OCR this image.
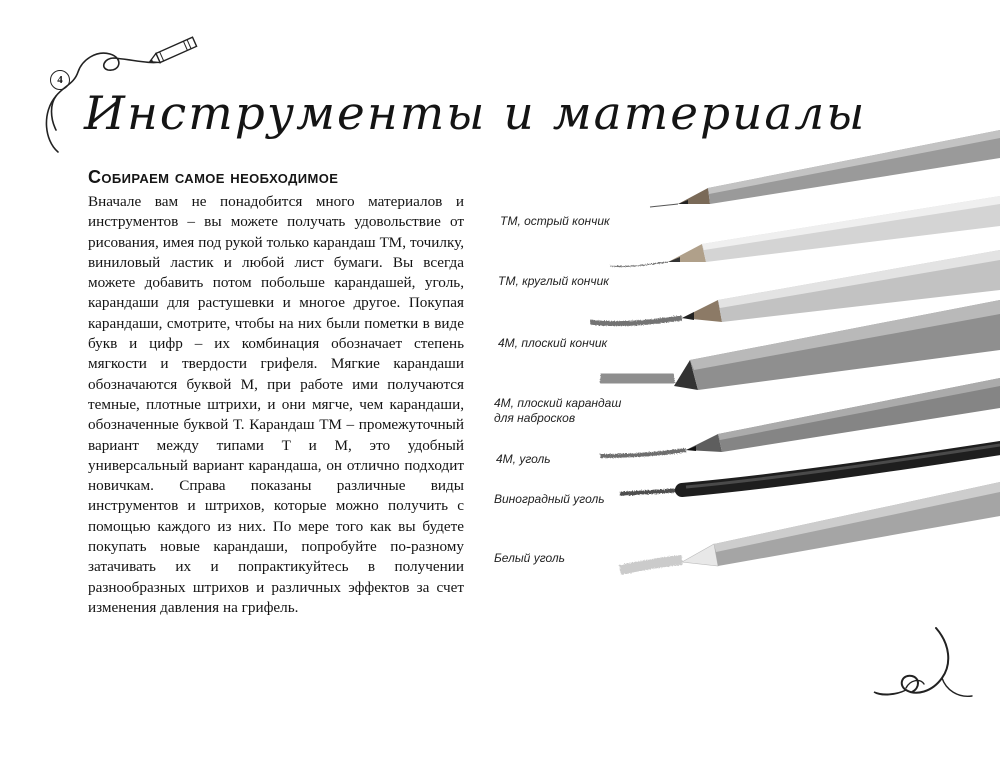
4
Инструменты и материалы
Собираем самое необходимое

Вначале вам не понадобится много материалов и инструментов – вы можете получать удовольствие от рисования, имея под рукой только карандаш ТМ, точилку, виниловый ластик и любой лист бумаги. Вы всегда можете добавить потом побольше карандашей, уголь, карандаши для растушевки и многое другое. Покупая карандаши, смотрите, чтобы на них были пометки в виде букв и цифр – их комбинация обозначает степень мягкости и твердости грифеля. Мягкие карандаши обозначаются буквой М, при работе ими получаются темные, плотные штрихи, и они мягче, чем карандаши, обозначенные буквой Т. Карандаш ТМ – промежуточный вариант между типами Т и М, это удобный универсальный вариант карандаша, он отлично подходит новичкам. Справа показаны различные виды инструментов и штрихов, которые можно получить с помощью каждого из них. По мере того как вы будете покупать новые карандаши, попробуйте по-разному затачивать их и попрактикуйтесь в получении разнообразных штрихов и различных эффектов за счет изменения давления на грифель.

ТМ, острый кончик
ТМ, круглый кончик
4М, плоский кончик
4М, плоский карандаш
для набросков
4М, уголь
Виноградный уголь
Белый уголь
